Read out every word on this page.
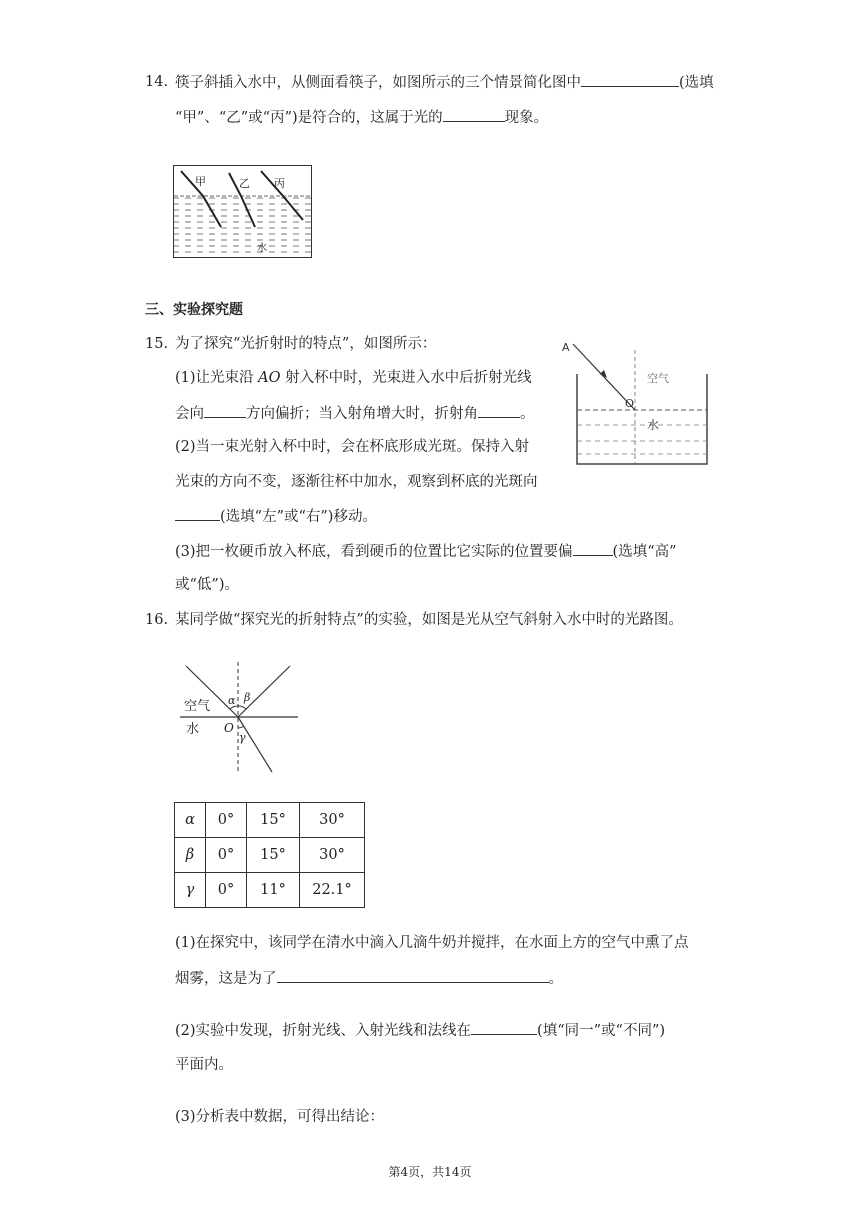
14. 筷子斜插入水中，从侧面看筷子，如图所示的三个情景简化图中	(选填
“甲”、“乙”或“丙”)是符合的，这属于光的	现象。
甲	乙 丙
水
三、实验探究题
15. 为了探究“光折射时的特点”，如图所示：
(1)让光束沿 AO 射入杯中时，光束进入水中后折射光线
会向	方向偏折；当入射角增大时，折射角	。
(2)当一束光射入杯中时，会在杯底形成光斑。保持入射
光束的方向不变，逐渐往杯中加水，观察到杯底的光斑向
(选填“左”或“右”)移动。
(3)把一枚硬币放入杯底，看到硬币的位置比它实际的位置要偏	(选填“高”
或“低”)。
A
空气
O
水
16. 某同学做“探究光的折射特点”的实验，如图是光从空气斜射入水中时的光路图。
空气
水 O
α β
γ
α	0°	15°	30°
β	0°	15°	30°
γ	0°	11°	22.1°
(1)在探究中，该同学在清水中滴入几滴牛奶并搅拌，在水面上方的空气中熏了点
烟雾，这是为了	。
(2)实验中发现，折射光线、入射光线和法线在	(填“同一”或“不同”)
平面内。
(3)分析表中数据，可得出结论：
第4页，共14页
